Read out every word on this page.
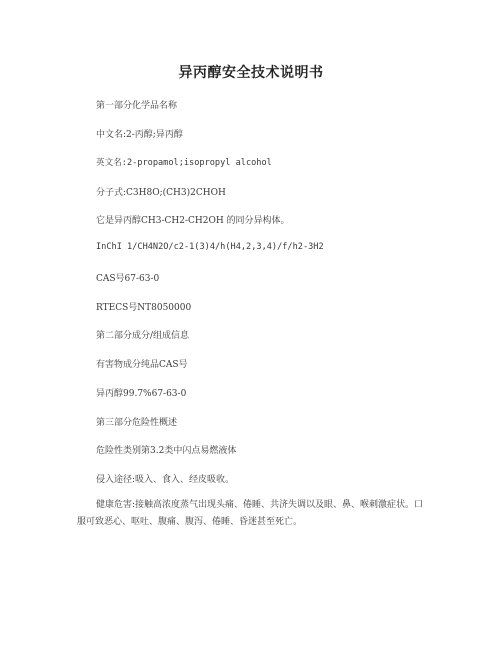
异丙醇安全技术说明书
第一部分化学品名称
中文名:2-丙醇;异丙醇
英文名:2-propamol;isopropyl alcohol
分子式:C3H8O;(CH3)2CHOH
它是异丙醇CH3-CH2-CH2OH 的同分异构体。
InChI 1/CH4N2O/c2-1(3)4/h(H4,2,3,4)/f/h2-3H2
CAS号67-63-0
RTECS号NT8050000
第二部分成分/组成信息
有害物成分纯品CAS号
异丙醇99.7%67-63-0
第三部分危险性概述
危险性类别第3.2类中闪点易燃液体
侵入途径:吸入、食入、经皮吸收。
健康危害:接触高浓度蒸气出现头痛、倦睡、共济失调以及眼、鼻、喉刺激症状。口服可致恶心、呕吐、腹痛、腹泻、倦睡、昏迷甚至死亡。
